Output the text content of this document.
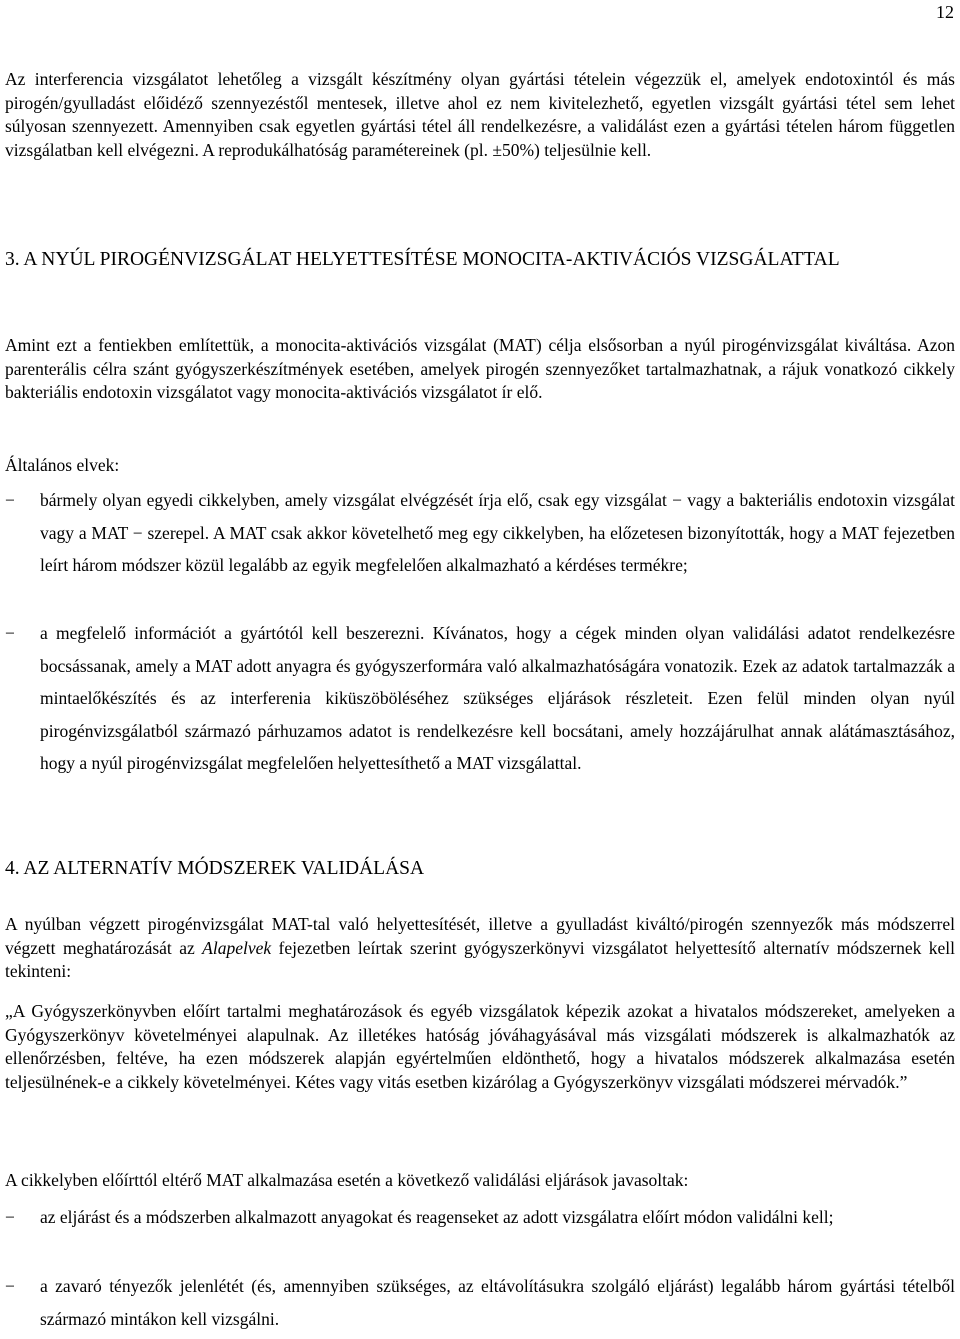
12

Az interferencia vizsgálatot lehetőleg a vizsgált készítmény olyan gyártási tételein végezzük el, amelyek endotoxintól és más pirogén/gyulladást előidéző szennyezéstől mentesek, illetve ahol ez nem kivitelezhető, egyetlen vizsgált gyártási tétel sem lehet súlyosan szennyezett. Amennyiben csak egyetlen gyártási tétel áll rendelkezésre, a validálást ezen a gyártási tételen három független vizsgálatban kell elvégezni. A reprodukálhatóság paramétereinek (pl. ±50%) teljesülnie kell.

3. A NYÚL PIROGÉNVIZSGÁLAT HELYETTESÍTÉSE MONOCITA-AKTIVÁCIÓS VIZSGÁLATTAL

Amint ezt a fentiekben említettük, a monocita-aktivációs vizsgálat (MAT) célja elsősorban a nyúl pirogénvizsgálat kiváltása. Azon parenterális célra szánt gyógyszerkészítmények esetében, amelyek pirogén szennyezőket tartalmazhatnak, a rájuk vonatkozó cikkely bakteriális endotoxin vizsgálatot vagy monocita-aktivációs vizsgálatot ír elő.

Általános elvek:

− bármely olyan egyedi cikkelyben, amely vizsgálat elvégzését írja elő, csak egy vizsgálat − vagy a bakteriális endotoxin vizsgálat vagy a MAT − szerepel. A MAT csak akkor követelhető meg egy cikkelyben, ha előzetesen bizonyították, hogy a MAT fejezetben leírt három módszer közül legalább az egyik megfelelően alkalmazható a kérdéses termékre;
− a megfelelő információt a gyártótól kell beszerezni. Kívánatos, hogy a cégek minden olyan validálási adatot rendelkezésre bocsássanak, amely a MAT adott anyagra és gyógyszerformára való alkalmazhatóságára vonatozik. Ezek az adatok tartalmazzák a mintaelőkészítés és az interferenia kiküszöböléséhez szükséges eljárások részleteit. Ezen felül minden olyan nyúl pirogénvizsgálatból származó párhuzamos adatot is rendelkezésre kell bocsátani, amely hozzájárulhat annak alátámasztásához, hogy a nyúl pirogénvizsgálat megfelelően helyettesíthető a MAT vizsgálattal.
4. AZ ALTERNATÍV MÓDSZEREK VALIDÁLÁSA

A nyúlban végzett pirogénvizsgálat MAT-tal való helyettesítését, illetve a gyulladást kiváltó/pirogén szennyezők más módszerrel végzett meghatározását az Alapelvek fejezetben leírtak szerint gyógyszerkönyvi vizsgálatot helyettesítő alternatív módszernek kell tekinteni:

„A Gyógyszerkönyvben előírt tartalmi meghatározások és egyéb vizsgálatok képezik azokat a hivatalos módszereket, amelyeken a Gyógyszerkönyv követelményei alapulnak. Az illetékes hatóság jóváhagyásával más vizsgálati módszerek is alkalmazhatók az ellenőrzésben, feltéve, ha ezen módszerek alapján egyértelműen eldönthető, hogy a hivatalos módszerek alkalmazása esetén teljesülnének-e a cikkely követelményei. Kétes vagy vitás esetben kizárólag a Gyógyszerkönyv vizsgálati módszerei mérvadók.”

A cikkelyben előírttól eltérő MAT alkalmazása esetén a következő validálási eljárások javasoltak:

− az eljárást és a módszerben alkalmazott anyagokat és reagenseket az adott vizsgálatra előírt módon validálni kell;
− a zavaró tényezők jelenlétét (és, amennyiben szükséges, az eltávolításukra szolgáló eljárást) legalább három gyártási tételből származó mintákon kell vizsgálni.
